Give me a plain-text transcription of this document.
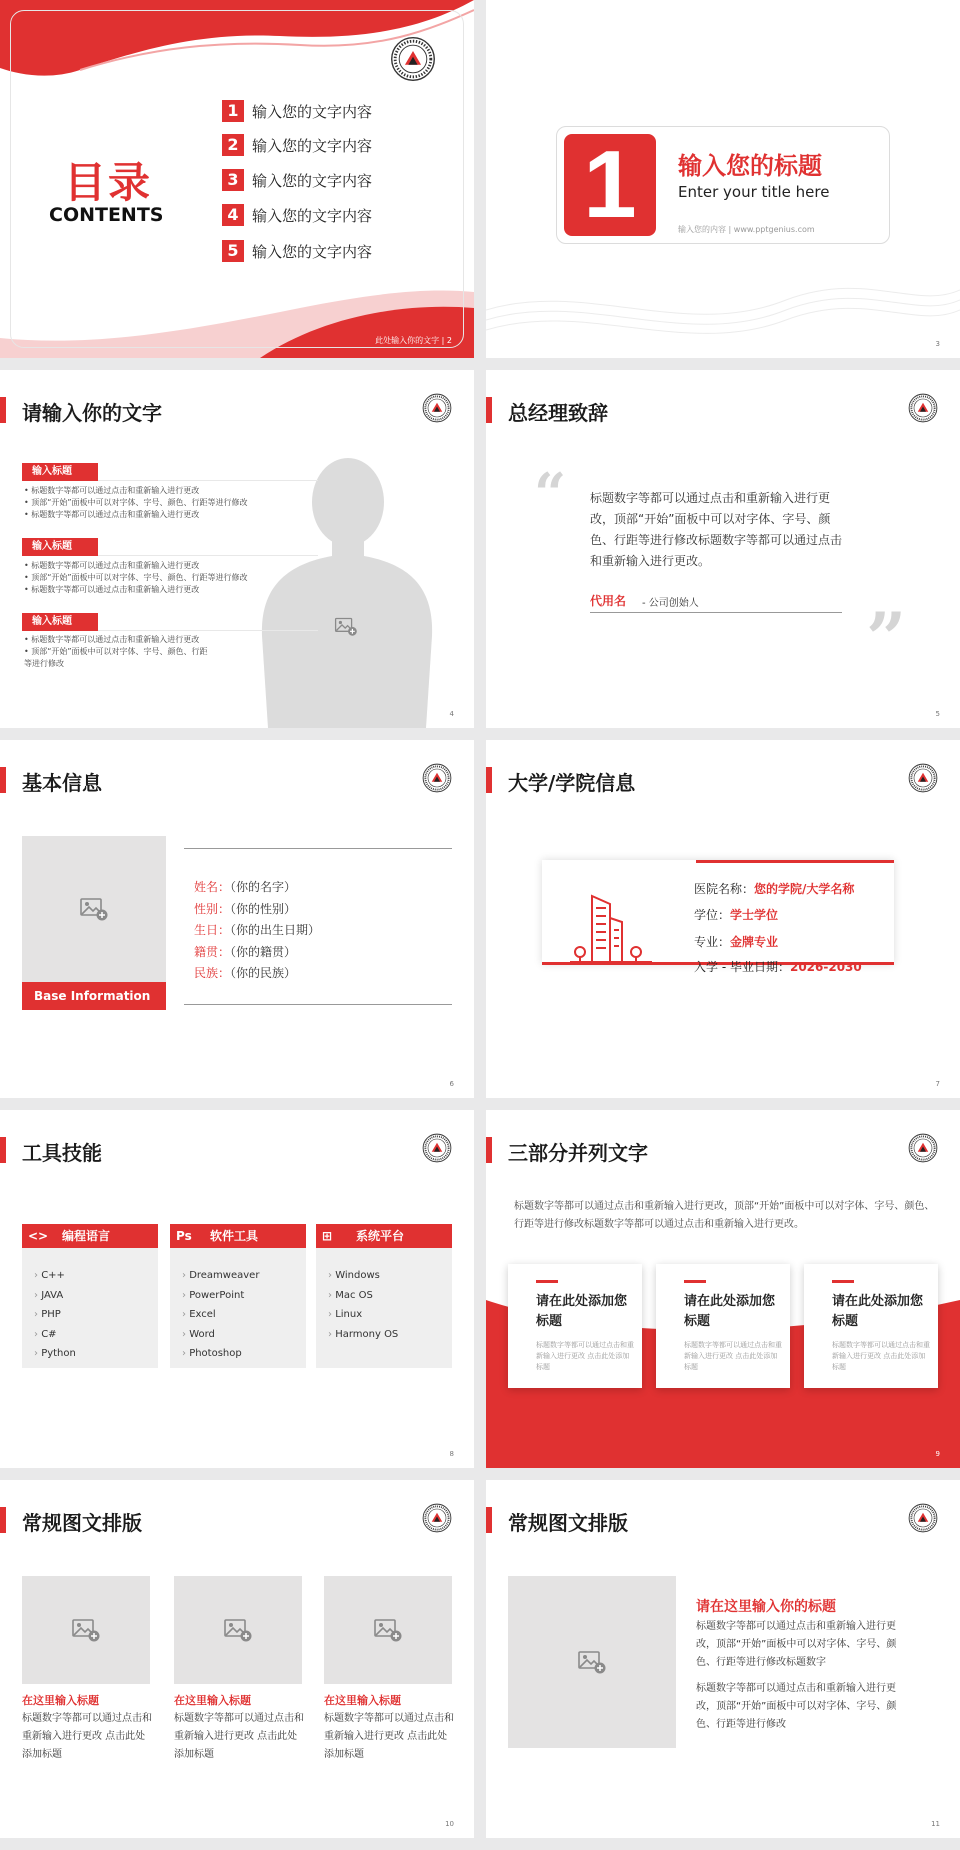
目录
CONTENTS
1 输入您的文字内容
2 输入您的文字内容
3 输入您的文字内容
4 输入您的文字内容
5 输入您的文字内容
此处输入你的文字 | 2
1	输入您的标题
Enter your title here
输入您的内容 | www.pptgenius.com
3
请输入你的文字
输入标题
• 标题数字等都可以通过点击和重新输入进行更改
• 顶部“开始”面板中可以对字体、字号、颜色、行距等进行修改
• 标题数字等都可以通过点击和重新输入进行更改
输入标题
• 标题数字等都可以通过点击和重新输入进行更改
• 顶部“开始”面板中可以对字体、字号、颜色、行距等进行修改
• 标题数字等都可以通过点击和重新输入进行更改
输入标题
• 标题数字等都可以通过点击和重新输入进行更改
• 顶部“开始”面板中可以对字体、字号、颜色、行距等进行修改
4
总经理致辞
“ 标题数字等都可以通过点击和重新输入进行更改，顶部“开始”面板中可以对字体、字号、颜色、行距等进行修改标题数字等都可以通过点击和重新输入进行更改。
代用名 - 公司创始人 ”
5
基本信息
Base Information
姓名：（你的名字）
性别：（你的性别）
生日：（你的出生日期）
籍贯：（你的籍贯）
民族：（你的民族）
6
大学/学院信息
医院名称：您的学院/大学名称
学位：学士学位
专业：金牌专业
入学 - 毕业日期：2026-2030
7
工具技能
<> 编程语言
› C++
› JAVA
› PHP
› C#
› Python
Ps 软件工具
› Dreamweaver
› PowerPoint
› Excel
› Word
› Photoshop
⊞ 系统平台
› Windows
› Mac OS
› Linux
› Harmony OS
8
三部分并列文字
标题数字等都可以通过点击和重新输入进行更改，顶部“开始”面板中可以对字体、字号、颜色、行距等进行修改标题数字等都可以通过点击和重新输入进行更改。
请在此处添加您标题
标题数字等都可以通过点击和重新输入进行更改 点击此处添加标题
请在此处添加您标题
标题数字等都可以通过点击和重新输入进行更改 点击此处添加标题
请在此处添加您标题
标题数字等都可以通过点击和重新输入进行更改 点击此处添加标题
9
常规图文排版
在这里输入标题
标题数字等都可以通过点击和重新输入进行更改 点击此处添加标题
在这里输入标题
标题数字等都可以通过点击和重新输入进行更改 点击此处添加标题
在这里输入标题
标题数字等都可以通过点击和重新输入进行更改 点击此处添加标题
10
常规图文排版
请在这里输入你的标题
标题数字等都可以通过点击和重新输入进行更改，顶部“开始”面板中可以对字体、字号、颜色、行距等进行修改标题数字
标题数字等都可以通过点击和重新输入进行更改，顶部“开始”面板中可以对字体、字号、颜色、行距等进行修改
11
